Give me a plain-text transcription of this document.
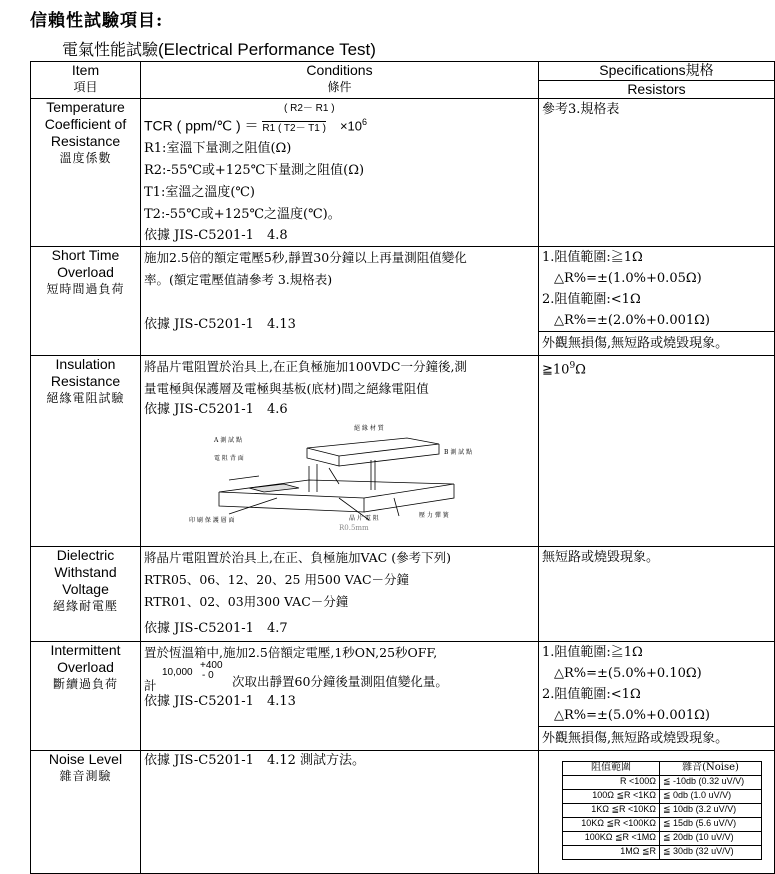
信賴性試驗項目:
電氣性能試驗(Electrical Performance Test)
Item
項目

Conditions
條件

Specifications規格

Resistors

Temperature
Coefficient of
Resistance
溫度係數

( R2－ R1 )
TCR ( ppm/℃ ) ＝ R1 ( T2－ T1 )　 $\times 10^6$
R1:室溫下量測之阻值(Ω)
R2:-55℃或+125℃下量測之阻值(Ω)
T1:室溫之溫度(℃)
T2:-55℃或+125℃之溫度(℃)。
依據 JIS-C5201-1　4.8

參考3.規格表

Short Time
Overload
短時間過負荷

施加2.5倍的額定電壓5秒,靜置30分鐘以上再量測阻值變化
率。(額定電壓值請參考 3.規格表)
依據 JIS-C5201-1　4.13

1.阻值範圍:≧1Ω
△R%=±(1.0%+0.05Ω)
2.阻值範圍:<1Ω
△R%=±(2.0%+0.001Ω)
外觀無損傷,無短路或燒毀現象。

Insulation
Resistance
絕緣電阻試驗

將晶片電阻置於治具上,在正負極施加100VDC一分鐘後,測
量電極與保護層及電極與基板(底材)間之絕緣電阻值
依據 JIS-C5201-1　4.6
絕 緣 材 質
A 測 試 點
電 阻 背 面
B 測 試 點
晶 片 電 阻
印 刷 保 護 層 面
壓 力 彈 簧
R0.5mm

$≧10^9\Omega$

Dielectric
Withstand
Voltage
絕緣耐電壓

將晶片電阻置於治具上,在正、負極施加VAC (參考下列)
RTR05、06、12、20、25 用500 VAC－分鐘
RTR01、02、03用300 VAC－分鐘
依據 JIS-C5201-1　4.7

無短路或燒毀現象。

Intermittent
Overload
斷續過負荷

置於恆溫箱中,施加2.5倍額定電壓,1秒ON,25秒OFF,
計
10,000
+400
- 0 次取出靜置60分鐘後量測阻值變化量。
依據 JIS-C5201-1　4.13

1.阻值範圍:≧1Ω
△R%=±(5.0%+0.10Ω)
2.阻值範圍:<1Ω
△R%=±(5.0%+0.001Ω)
外觀無損傷,無短路或燒毀現象。

Noise Level
雜音測驗

依據 JIS-C5201-1　4.12 測試方法。
		阻值範圍	雜音(Noise)
R <100Ω	≦ -10db (0.32 uV/V)
100Ω ≦R <1KΩ	≦ 0db (1.0 uV/V)
1KΩ ≦R <10KΩ	≦ 10db (3.2 uV/V)
10KΩ ≦R <100KΩ	≦ 15db (5.6 uV/V)
100KΩ ≦R <1MΩ	≦ 20db (10 uV/V)
1MΩ ≦R	≦ 30db (32 uV/V)
